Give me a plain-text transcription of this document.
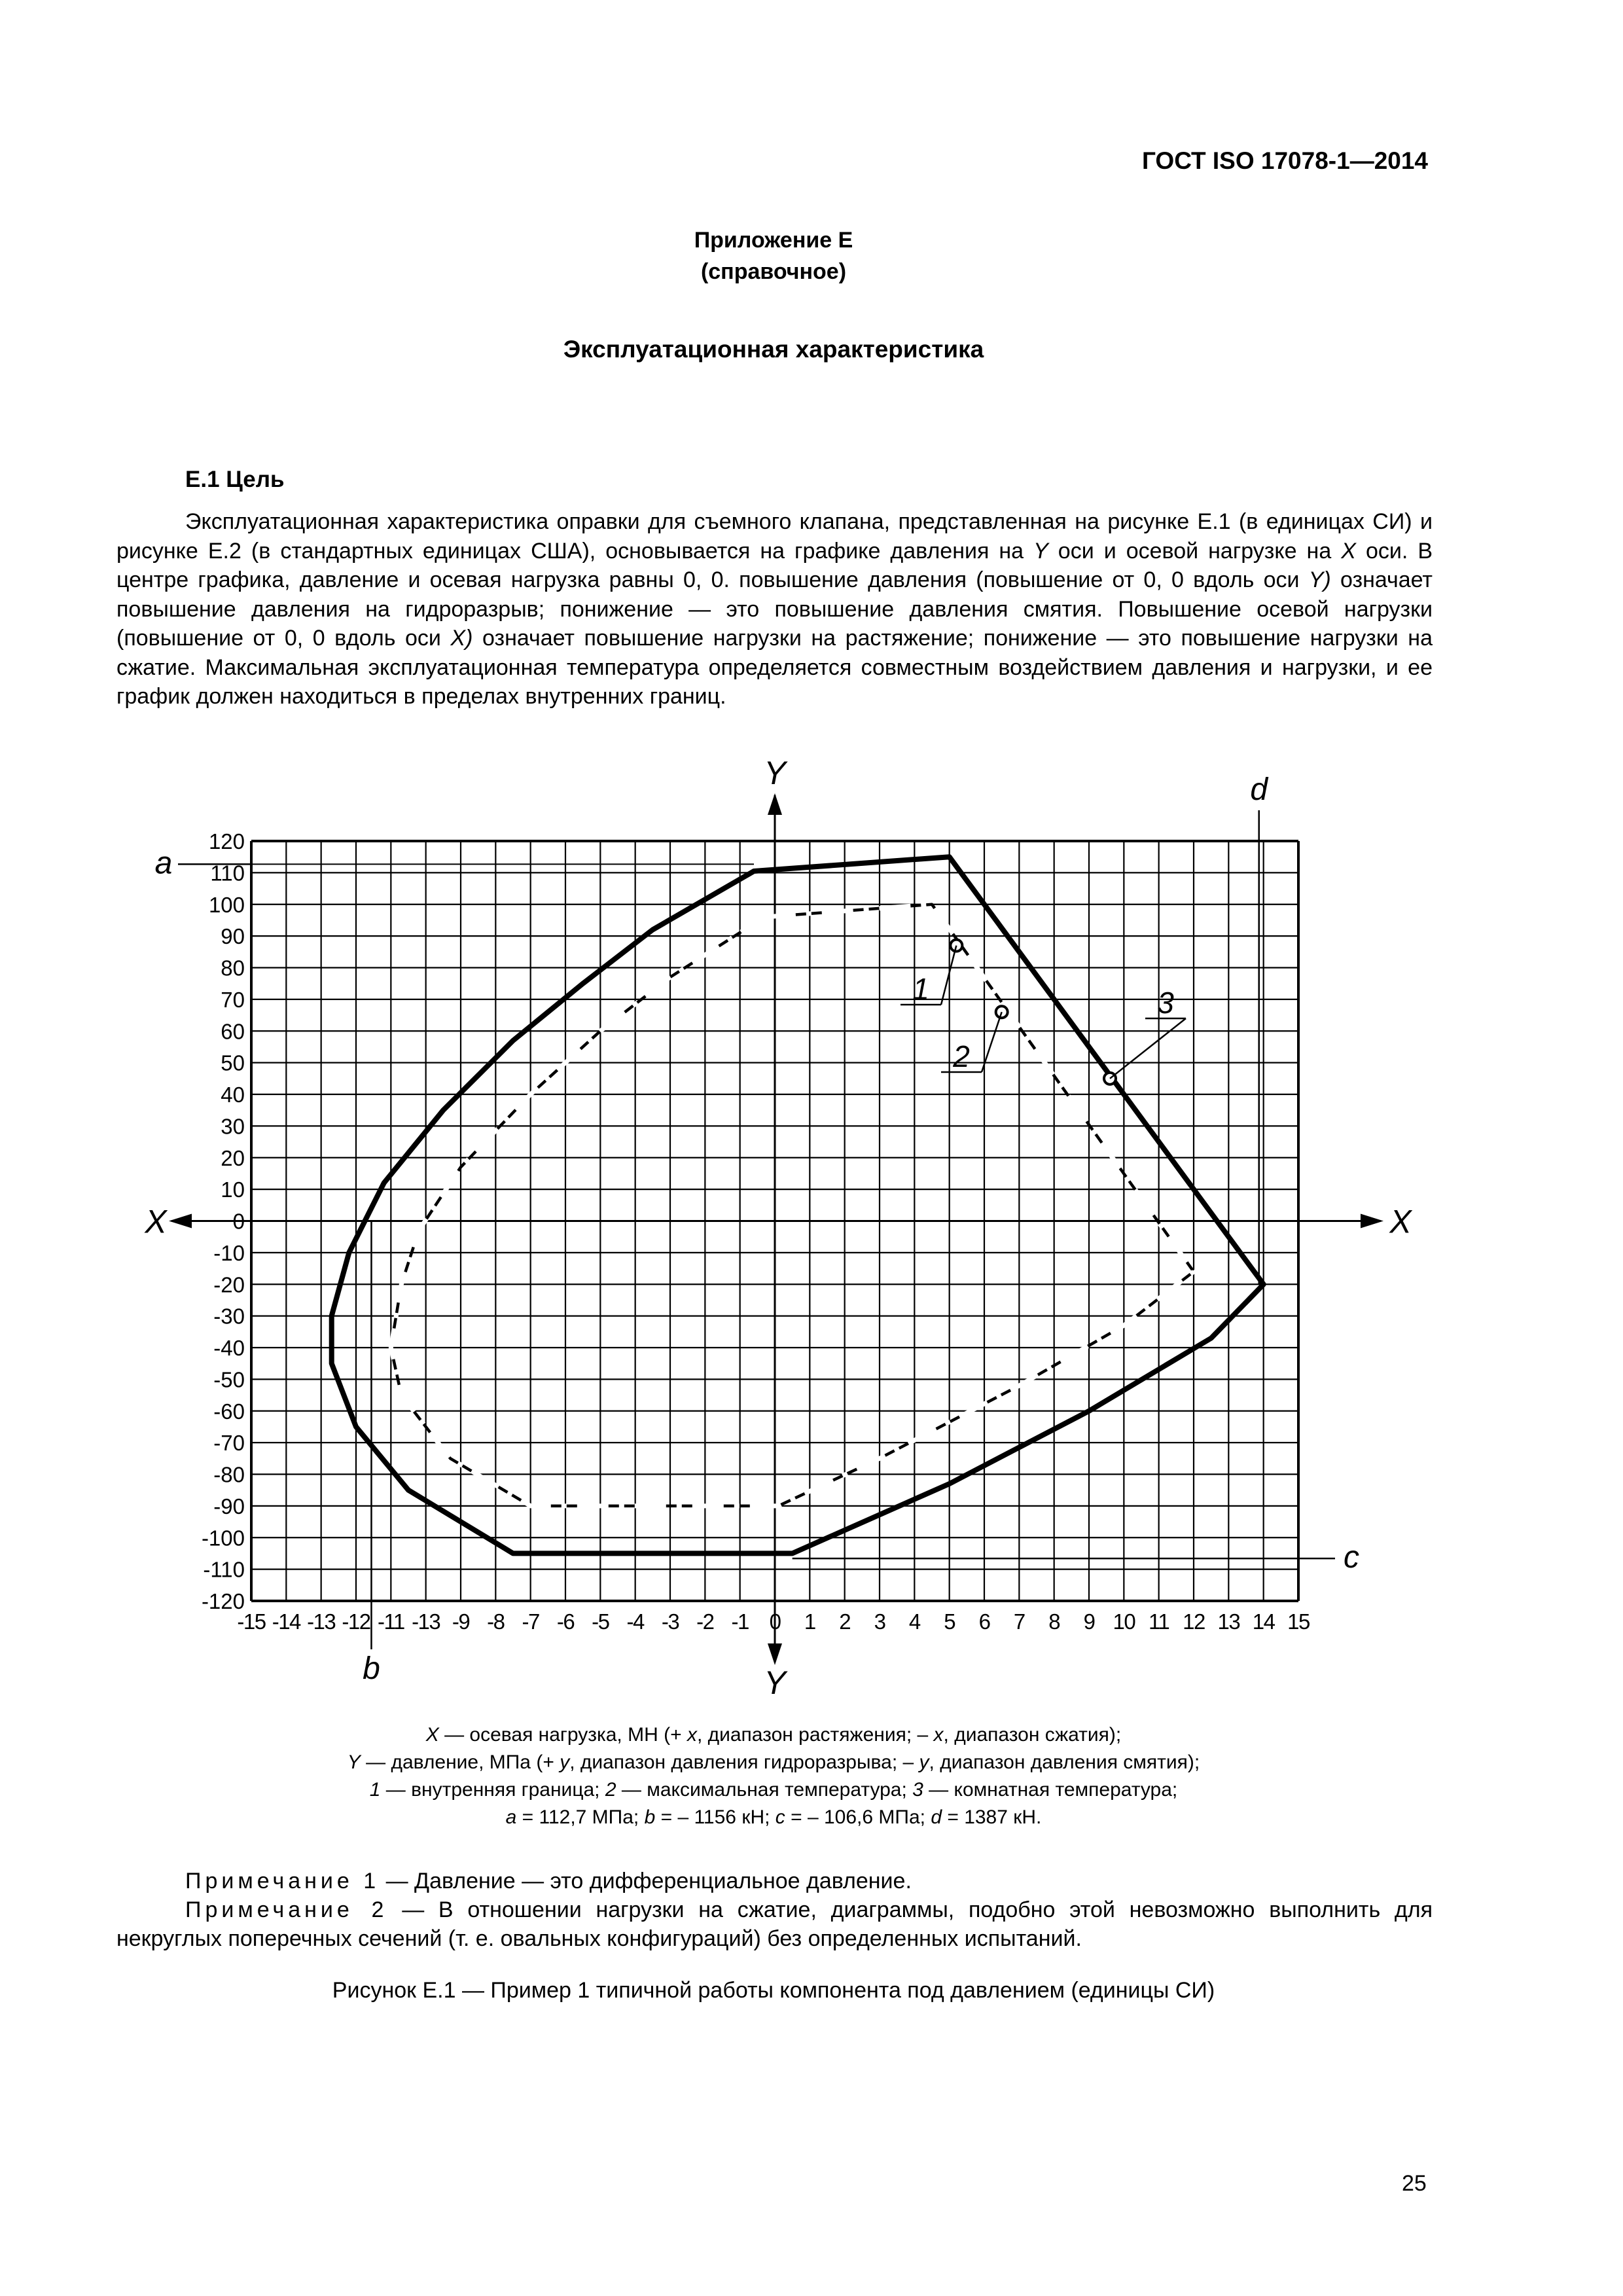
ГОСТ ISO 17078-1—2014
Приложение Е
(справочное)
Эксплуатационная характеристика
Е.1 Цель

Эксплуатационная характеристика оправки для съемного клапана, представленная на рисунке Е.1 (в единицах СИ) и рисунке Е.2 (в стандартных единицах США), основывается на графике давления на Y оси и осевой нагрузке на X оси. В центре графика, давление и осевая нагрузка равны 0, 0. повышение давления (повышение от 0, 0 вдоль оси Y) означает повышение давления на гидроразрыв; понижение — это повышение давления смятия. Повышение осевой нагрузки (повышение от 0, 0 вдоль оси X) означает повышение нагрузки на растяжение; понижение — это повышение нагрузки на сжатие. Максимальная эксплуатационная температура определяется совместным воздействием давления и нагрузки, и ее график должен находиться в пределах внутренних границ.

Y
Y
X	X
120
110
100
90
80
70
60
50
40
30
20
10
0
-10
-20
-30
-40
-50
-60
-70
-80
-90
-100
-110
-120
-15 -14 -13 -12 -11 -13 -9 -8 -7 -6 -5 -4 -3 -2 -1 0 1 2 3 4 5 6 7 8 9 10 11 12 13 14 15
1
2
3
a
b
c
d
X — осевая нагрузка, МН (+ x, диапазон растяжения; – x, диапазон сжатия);
Y — давление, МПа (+ y, диапазон давления гидроразрыва; – y, диапазон давления смятия);
1 — внутренняя граница; 2 — максимальная температура; 3 — комнатная температура;
a = 112,7 МПа; b = – 1156 кН; c = – 106,6 МПа; d = 1387 кН.

Примечание 1 — Давление — это дифференциальное давление.

Примечание 2 — В отношении нагрузки на сжатие, диаграммы, подобно этой невозможно выполнить для некруглых поперечных сечений (т. е. овальных конфигураций) без определенных испытаний.

Рисунок Е.1 — Пример 1 типичной работы компонента под давлением (единицы СИ)
25
